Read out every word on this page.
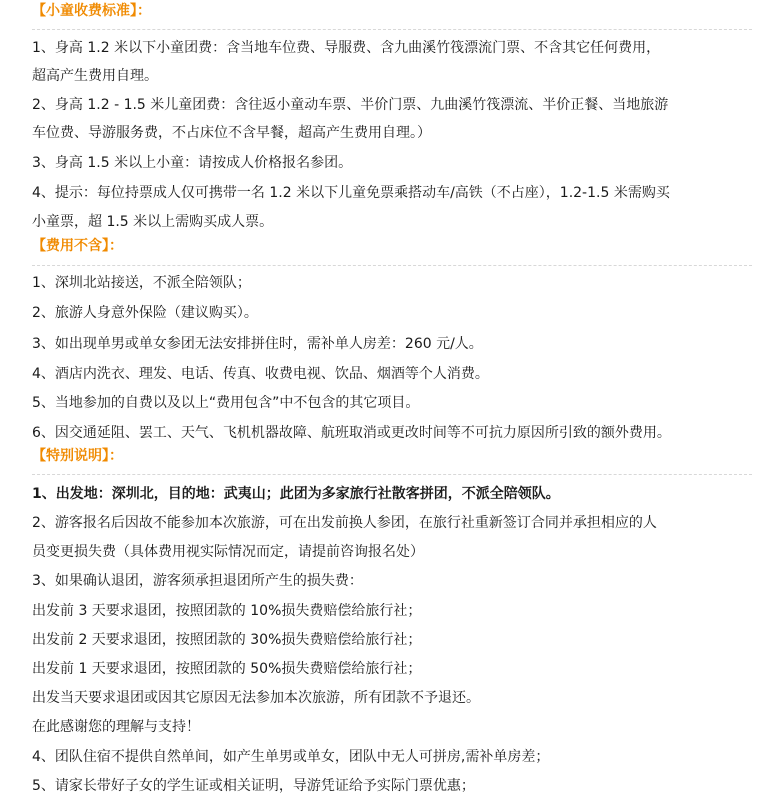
【小童收费标准】：
1、身高 1.2 米以下小童团费：含当地车位费、导服费、含九曲溪竹筏漂流门票、不含其它任何费用，
超高产生费用自理。
2、身高 1.2 - 1.5 米儿童团费：含往返小童动车票、半价门票、九曲溪竹筏漂流、半价正餐、当地旅游
车位费、导游服务费，不占床位不含早餐，超高产生费用自理。）
3、身高 1.5 米以上小童：请按成人价格报名参团。
4、提示：每位持票成人仅可携带一名 1.2 米以下儿童免票乘搭动车/高铁（不占座），1.2-1.5 米需购买
小童票，超 1.5 米以上需购买成人票。
【费用不含】：
1、深圳北站接送，不派全陪领队；
2、旅游人身意外保险（建议购买）。
3、如出现单男或单女参团无法安排拼住时，需补单人房差：260 元/人。
4、酒店内洗衣、理发、电话、传真、收费电视、饮品、烟酒等个人消费。
5、当地参加的自费以及以上“费用包含”中不包含的其它项目。
6、因交通延阻、罢工、天气、飞机机器故障、航班取消或更改时间等不可抗力原因所引致的额外费用。
【特别说明】：
1、出发地：深圳北，目的地：武夷山；此团为多家旅行社散客拼团，不派全陪领队。
2、游客报名后因故不能参加本次旅游，可在出发前换人参团，在旅行社重新签订合同并承担相应的人
员变更损失费（具体费用视实际情况而定，请提前咨询报名处）
3、如果确认退团，游客须承担退团所产生的损失费：
出发前 3 天要求退团，按照团款的 10%损失费赔偿给旅行社；
出发前 2 天要求退团，按照团款的 30%损失费赔偿给旅行社；
出发前 1 天要求退团，按照团款的 50%损失费赔偿给旅行社；
出发当天要求退团或因其它原因无法参加本次旅游，所有团款不予退还。
在此感谢您的理解与支持！
4、团队住宿不提供自然单间，如产生单男或单女，团队中无人可拼房,需补单房差；
5、请家长带好子女的学生证或相关证明，导游凭证给予实际门票优惠；
